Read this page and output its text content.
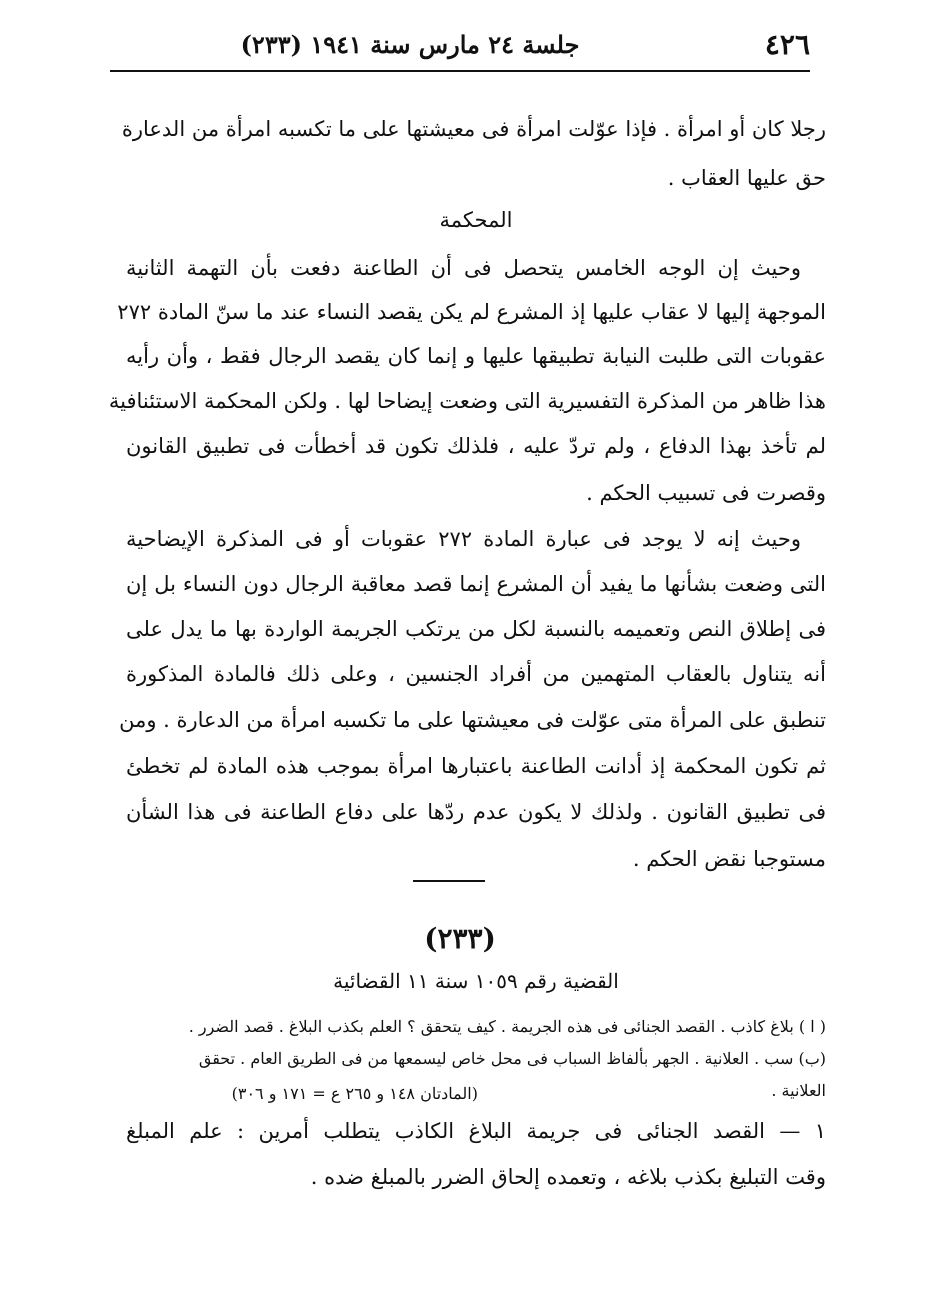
٤٢٦
جلسة ٢٤ مارس سنة ١٩٤١ (٢٣٣)
رجلا كان أو امرأة . فإذا عوّلت امرأة فى معيشتها على ما تكسبه امرأة من الدعارة
حق عليها العقاب .
المحكمة
وحيث إن الوجه الخامس يتحصل فى أن الطاعنة دفعت بأن التهمة الثانية
الموجهة إليها لا عقاب عليها إذ المشرع لم يكن يقصد النساء عند ما سنّ المادة ٢٧٢
عقوبات التى طلبت النيابة تطبيقها عليها و إنما كان يقصد الرجال فقط ، وأن رأيه
هذا ظاهر من المذكرة التفسيرية التى وضعت إيضاحا لها . ولكن المحكمة الاستئنافية
لم تأخذ بهذا الدفاع ، ولم تردّ عليه ، فلذلك تكون قد أخطأت فى تطبيق القانون
وقصرت فى تسبيب الحكم .
وحيث إنه لا يوجد فى عبارة المادة ٢٧٢ عقوبات أو فى المذكرة الإيضاحية
التى وضعت بشأنها ما يفيد أن المشرع إنما قصد معاقبة الرجال دون النساء بل إن
فى إطلاق النص وتعميمه بالنسبة لكل من يرتكب الجريمة الواردة بها ما يدل على
أنه يتناول بالعقاب المتهمين من أفراد الجنسين ، وعلى ذلك فالمادة المذكورة
تنطبق على المرأة متى عوّلت فى معيشتها على ما تكسبه امرأة من الدعارة . ومن
ثم تكون المحكمة إذ أدانت الطاعنة باعتبارها امرأة بموجب هذه المادة لم تخطئ
فى تطبيق القانون . ولذلك لا يكون عدم ردّها على دفاع الطاعنة فى هذا الشأن
مستوجبا نقض الحكم .
(٢٣٣)
القضية رقم ١٠٥٩ سنة ١١ القضائية
( ا ) بلاغ كاذب . القصد الجنائى فى هذه الجريمة . كيف يتحقق ؟ العلم بكذب البلاغ . قصد الضرر .
(ب) سب . العلانية . الجهر بألفاظ السباب فى محل خاص ليسمعها من فى الطريق العام . تحقق
العلانية .
(المادتان ١٤٨ و ٢٦٥ ع = ١٧١ و ٣٠٦)
١ — القصد الجنائى فى جريمة البلاغ الكاذب يتطلب أمرين : علم المبلغ
وقت التبليغ بكذب بلاغه ، وتعمده إلحاق الضرر بالمبلغ ضده .
